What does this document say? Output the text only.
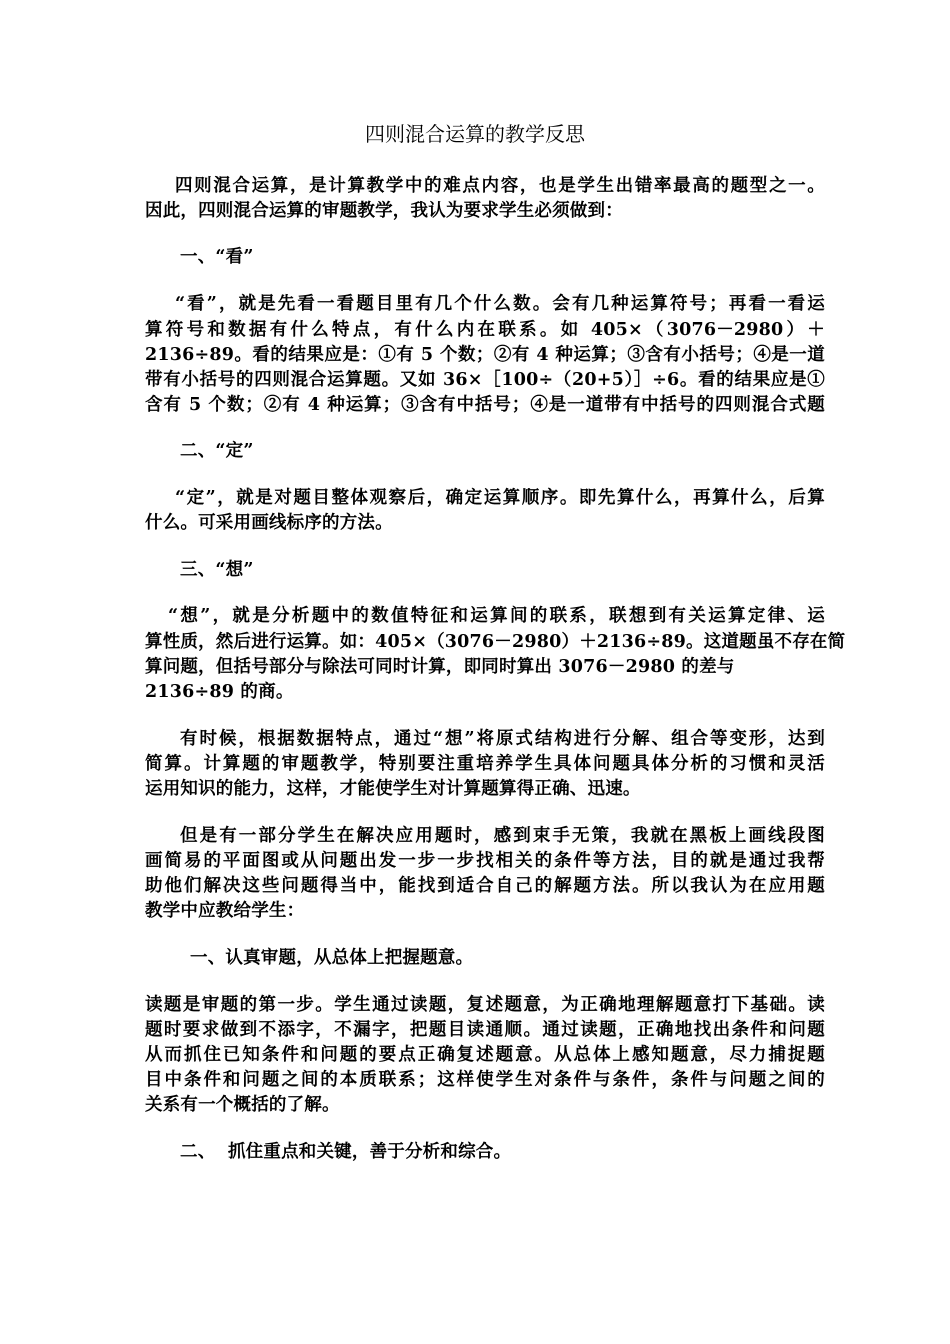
四则混合运算的教学反思

四则混合运算，是计算教学中的难点内容，也是学生出错率最高的题型之一。

因此，四则混合运算的审题教学，我认为要求学生必须做到：

一、“看”

“看”，就是先看一看题目里有几个什么数。会有几种运算符号；再看一看运

算符号和数据有什么特点，有什么内在联系。如 405×（3076－2980）＋

2136÷89。看的结果应是：①有 5 个数；②有 4 种运算；③含有小括号；④是一道

带有小括号的四则混合运算题。又如 36×［100÷（20+5）］÷6。看的结果应是①

含有 5 个数；②有 4 种运算；③含有中括号；④是一道带有中括号的四则混合式题

二、“定”

“定”，就是对题目整体观察后，确定运算顺序。即先算什么，再算什么，后算

什么。可采用画线标序的方法。

三、“想”

“想”，就是分析题中的数值特征和运算间的联系，联想到有关运算定律、运

算性质，然后进行运算。如：405×（3076－2980）＋2136÷89。这道题虽不存在简

算问题，但括号部分与除法可同时计算，即同时算出 3076－2980 的差与

2136÷89 的商。

有时候，根据数据特点，通过“想”将原式结构进行分解、组合等变形，达到

简算。计算题的审题教学，特别要注重培养学生具体问题具体分析的习惯和灵活

运用知识的能力，这样，才能使学生对计算题算得正确、迅速。

但是有一部分学生在解决应用题时，感到束手无策，我就在黑板上画线段图

画简易的平面图或从问题出发一步一步找相关的条件等方法，目的就是通过我帮

助他们解决这些问题得当中，能找到适合自己的解题方法。所以我认为在应用题

教学中应教给学生：

一、认真审题，从总体上把握题意。

读题是审题的第一步。学生通过读题，复述题意，为正确地理解题意打下基础。读

题时要求做到不添字，不漏字，把题目读通顺。通过读题，正确地找出条件和问题

从而抓住已知条件和问题的要点正确复述题意。从总体上感知题意，尽力捕捉题

目中条件和问题之间的本质联系；这样使学生对条件与条件，条件与问题之间的

关系有一个概括的了解。

二、  抓住重点和关键，善于分析和综合。
